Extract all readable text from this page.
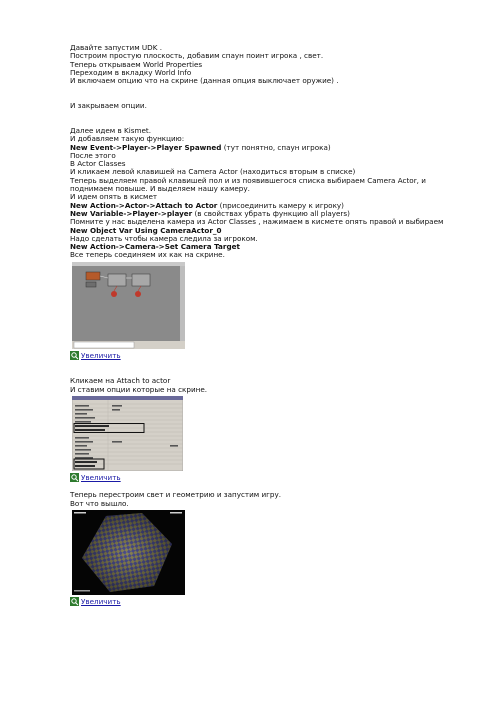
Давайте запустим UDK .

Построим простую плоскость, добавим спаун поинт игрока , свет.

Теперь открываем World Properties

Переходим в вкладку World Info

И включаем опцию что на скрине (данная опция выключает оружие) .

И закрываем опции.

Далее идем в Kismet.

И добавляем такую функцию:

New Event->Player->Player Spawned (тут понятно, спаун игрока)

После этого

В Actor Classes

И кликаем левой клавишей на Camera Actor (находиться вторым в списке)

Теперь выделяем правой клавишей пол и из появившегося списка выбираем Camera Actor, и

поднимаем повыше. И выделяем нашу камеру.

И идем опять в кисмет

New Action->Actor->Attach to Actor (присоединить камеру к игроку)

New Variable->Player->player (в свойствах убрать функцию all players)

Помните у нас выделена камера из Actor Classes , нажимаем в кисмете опять правой и выбираем

New Object Var Using CameraActor_0

Надо сделать чтобы камера следила за игроком.

New Action->Camera->Set Camera Target

Все теперь соединяем их как на скрине.

Увеличить

Кликаем на Attach to actor

И ставим опции которые на скрине.

Увеличить

Теперь перестроим свет и геометрию и запустим игру.

Вот что вышло.

Увеличить
